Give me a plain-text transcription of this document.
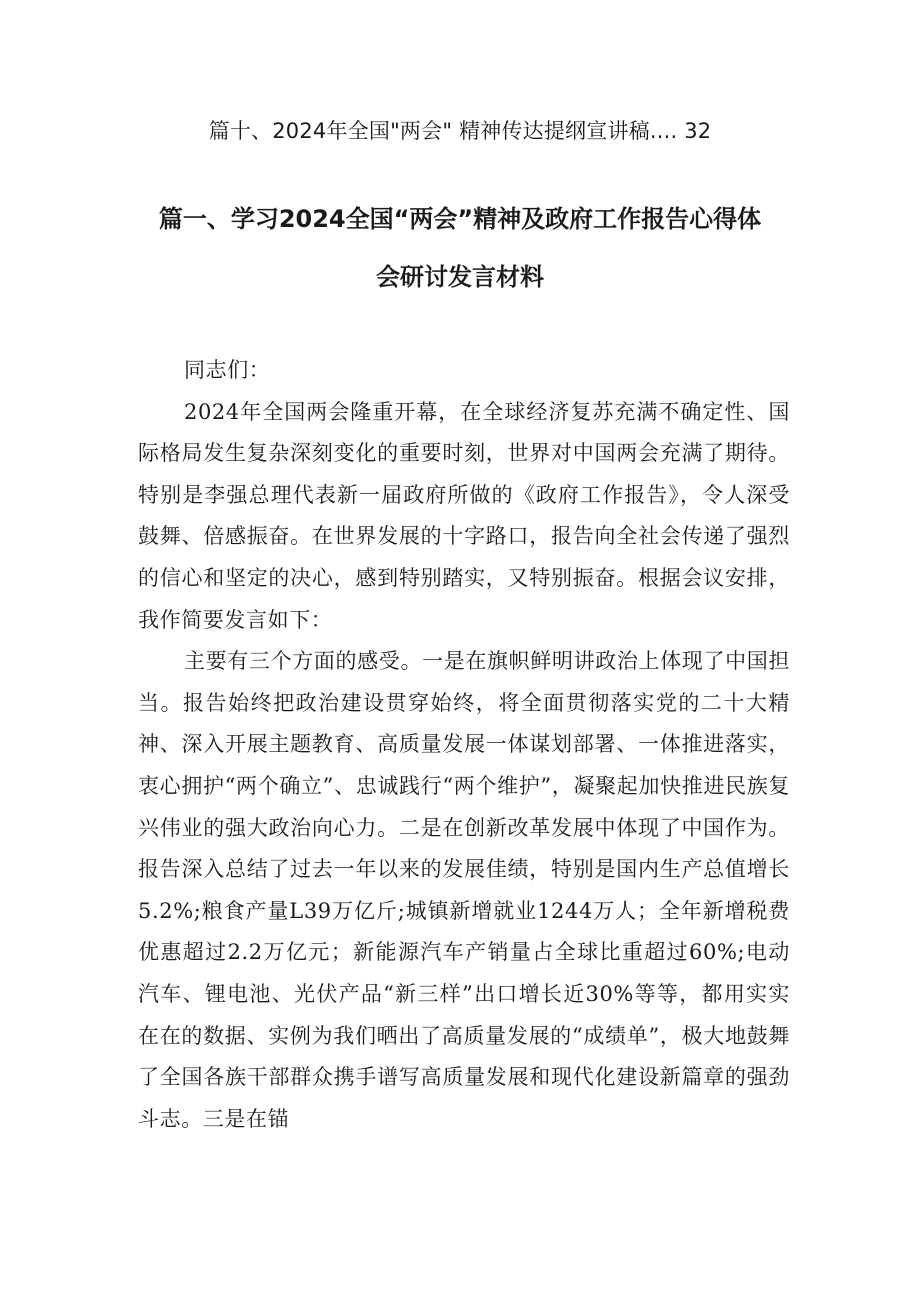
篇十、2024年全国"两会" 精神传达提纲宣讲稿.... 32
篇一、学习2024全国“两会”精神及政府工作报告心得体
会研讨发言材料

同志们：

2024年全国两会隆重开幕，在全球经济复苏充满不确定性、国际格局发生复杂深刻变化的重要时刻，世界对中国两会充满了期待。特别是李强总理代表新一届政府所做的《政府工作报告》，令人深受鼓舞、倍感振奋。在世界发展的十字路口，报告向全社会传递了强烈的信心和坚定的决心，感到特别踏实，又特别振奋。根据会议安排，我作简要发言如下：

主要有三个方面的感受。一是在旗帜鲜明讲政治上体现了中国担当。报告始终把政治建设贯穿始终，将全面贯彻落实党的二十大精神、深入开展主题教育、高质量发展一体谋划部署、一体推进落实，衷心拥护“两个确立”、忠诚践行“两个维护”，凝聚起加快推进民族复兴伟业的强大政治向心力。二是在创新改革发展中体现了中国作为。报告深入总结了过去一年以来的发展佳绩，特别是国内生产总值增长5.2%;粮食产量L39万亿斤;城镇新增就业1244万人；全年新增税费优惠超过2.2万亿元；新能源汽车产销量占全球比重超过60%;电动汽车、锂电池、光伏产品“新三样”出口增长近30%等等，都用实实在在的数据、实例为我们晒出了高质量发展的“成绩单”，极大地鼓舞了全国各族干部群众携手谱写高质量发展和现代化建设新篇章的强劲斗志。三是在锚
